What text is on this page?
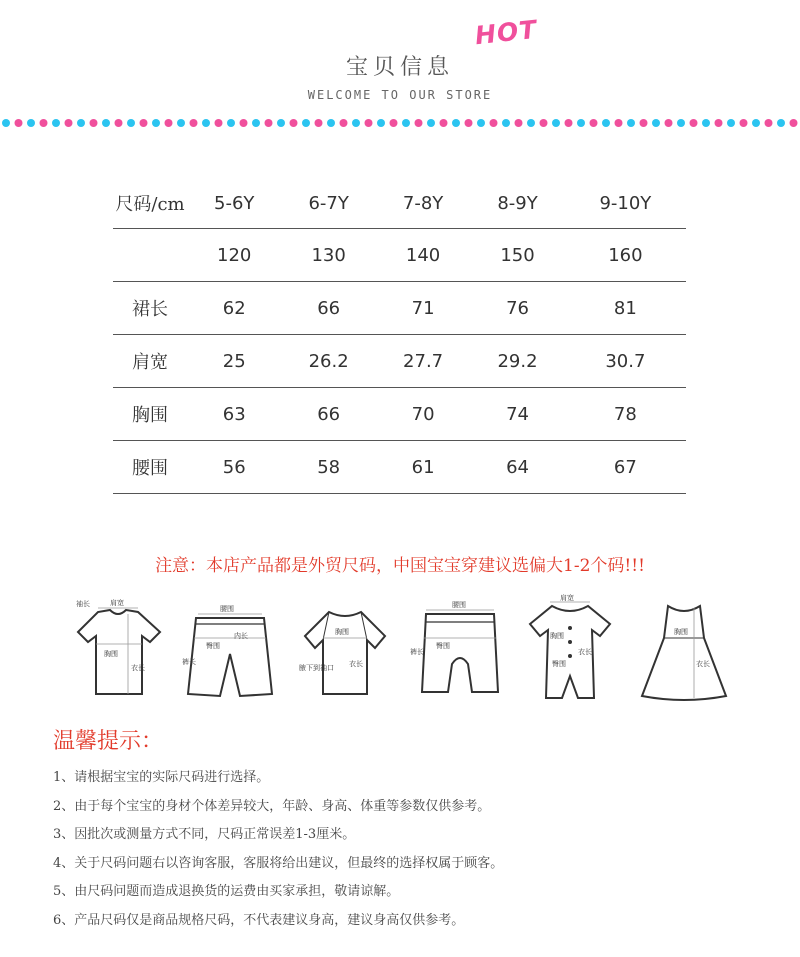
宝贝信息
HOT
WELCOME TO OUR STORE
尺码/cm	5-6Y	6-7Y	7-8Y	8-9Y	9-10Y
	120	130	140	150	160
裙长	62	66	71	76	81
肩宽	25	26.2	27.7	29.2	30.7
胸围	63	66	70	74	78
腰围	56	58	61	64	67
注意：本店产品都是外贸尺码，中国宝宝穿建议选偏大1-2个码!!!
袖长	肩宽
胸围
衣长
腰围
臀围
裤长
内长	胸围
衣长
腋下到袖口
腰围
臀围
裤长
肩宽
胸围
衣长
臀围
胸围
衣长
温馨提示：
1、请根据宝宝的实际尺码进行选择。
2、由于每个宝宝的身材个体差异较大，年龄、身高、体重等参数仅供参考。
3、因批次或测量方式不同，尺码正常误差1-3厘米。
4、关于尺码问题右以咨询客服，客服将给出建议，但最终的选择权属于顾客。
5、由尺码问题而造成退换货的运费由买家承担，敬请谅解。
6、产品尺码仅是商品规格尺码，不代表建议身高，建议身高仅供参考。
